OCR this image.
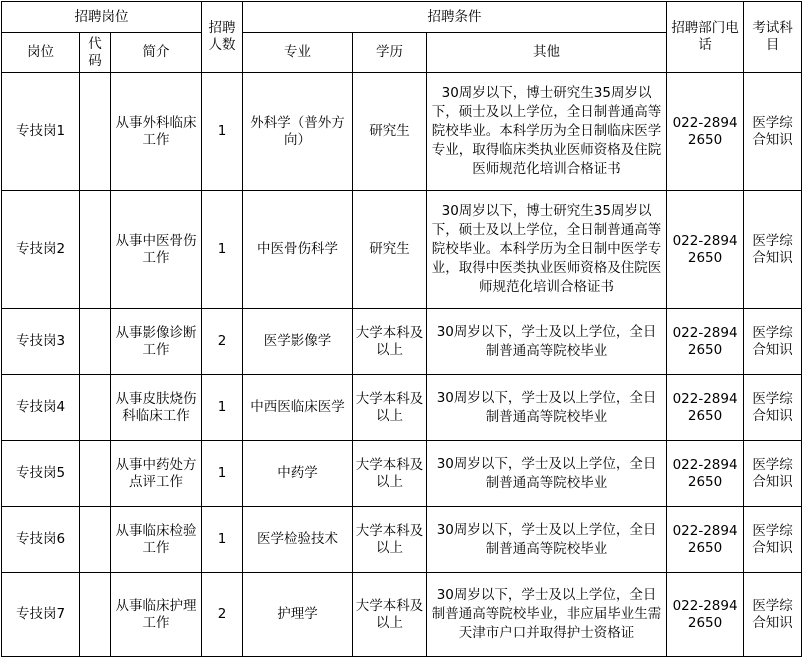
招聘岗位			招聘人数	招聘条件			招聘部门电话	考试科目
岗位	代码	简介		专业	学历	其他		
专技岗1		从事外科临床工作	1	外科学（普外方向）	研究生	30周岁以下，博士研究生35周岁以下，硕士及以上学位，全日制普通高等院校毕业。本科学历为全日制临床医学专业，取得临床类执业医师资格及住院医师规范化培训合格证书	022-28942650	医学综合知识
专技岗2		从事中医骨伤工作	1	中医骨伤科学	研究生	30周岁以下，博士研究生35周岁以下，硕士及以上学位，全日制普通高等院校毕业。本科学历为全日制中医学专业，取得中医类执业医师资格及住院医师规范化培训合格证书	022-28942650	医学综合知识
专技岗3		从事影像诊断工作	2	医学影像学	大学本科及以上	30周岁以下，学士及以上学位，全日制普通高等院校毕业	022-28942650	医学综合知识
专技岗4		从事皮肤烧伤科临床工作	1	中西医临床医学	大学本科及以上	30周岁以下，学士及以上学位，全日制普通高等院校毕业	022-28942650	医学综合知识
专技岗5		从事中药处方点评工作	1	中药学	大学本科及以上	30周岁以下，学士及以上学位，全日制普通高等院校毕业	022-28942650	医学综合知识
专技岗6		从事临床检验工作	1	医学检验技术	大学本科及以上	30周岁以下，学士及以上学位，全日制普通高等院校毕业	022-28942650	医学综合知识
专技岗7		从事临床护理工作	2	护理学	大学本科及以上	30周岁以下，学士及以上学位，全日制普通高等院校毕业，非应届毕业生需天津市户口并取得护士资格证	022-28942650	医学综合知识
